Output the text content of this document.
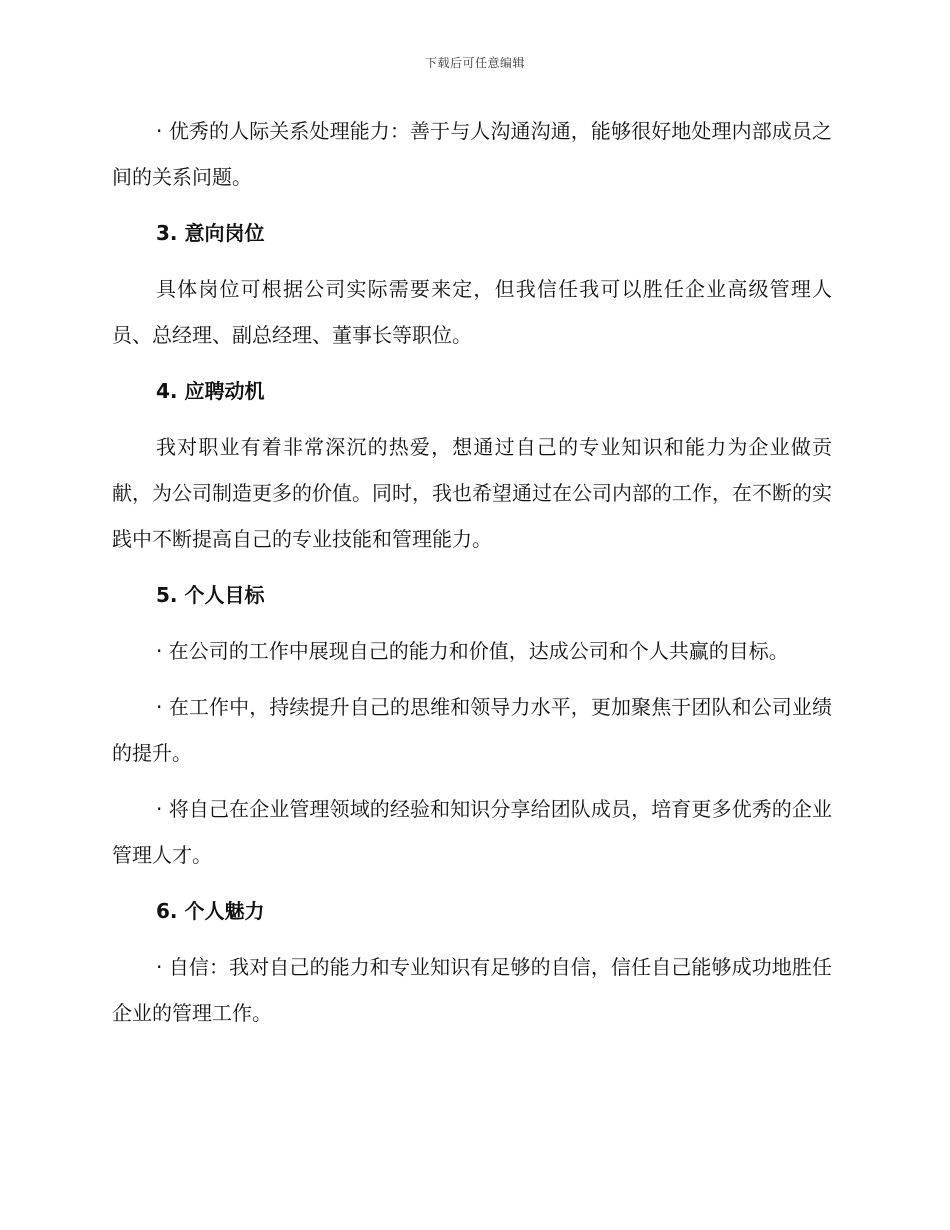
下载后可任意编辑

· 优秀的人际关系处理能力：善于与人沟通沟通，能够很好地处理内部成员之间的关系问题。

3. 意向岗位

具体岗位可根据公司实际需要来定，但我信任我可以胜任企业高级管理人员、总经理、副总经理、董事长等职位。

4. 应聘动机

我对职业有着非常深沉的热爱，想通过自己的专业知识和能力为企业做贡献，为公司制造更多的价值。同时，我也希望通过在公司内部的工作，在不断的实践中不断提高自己的专业技能和管理能力。

5. 个人目标

· 在公司的工作中展现自己的能力和价值，达成公司和个人共赢的目标。

· 在工作中，持续提升自己的思维和领导力水平，更加聚焦于团队和公司业绩的提升。

· 将自己在企业管理领域的经验和知识分享给团队成员，培育更多优秀的企业管理人才。

6. 个人魅力

· 自信：我对自己的能力和专业知识有足够的自信，信任自己能够成功地胜任企业的管理工作。
